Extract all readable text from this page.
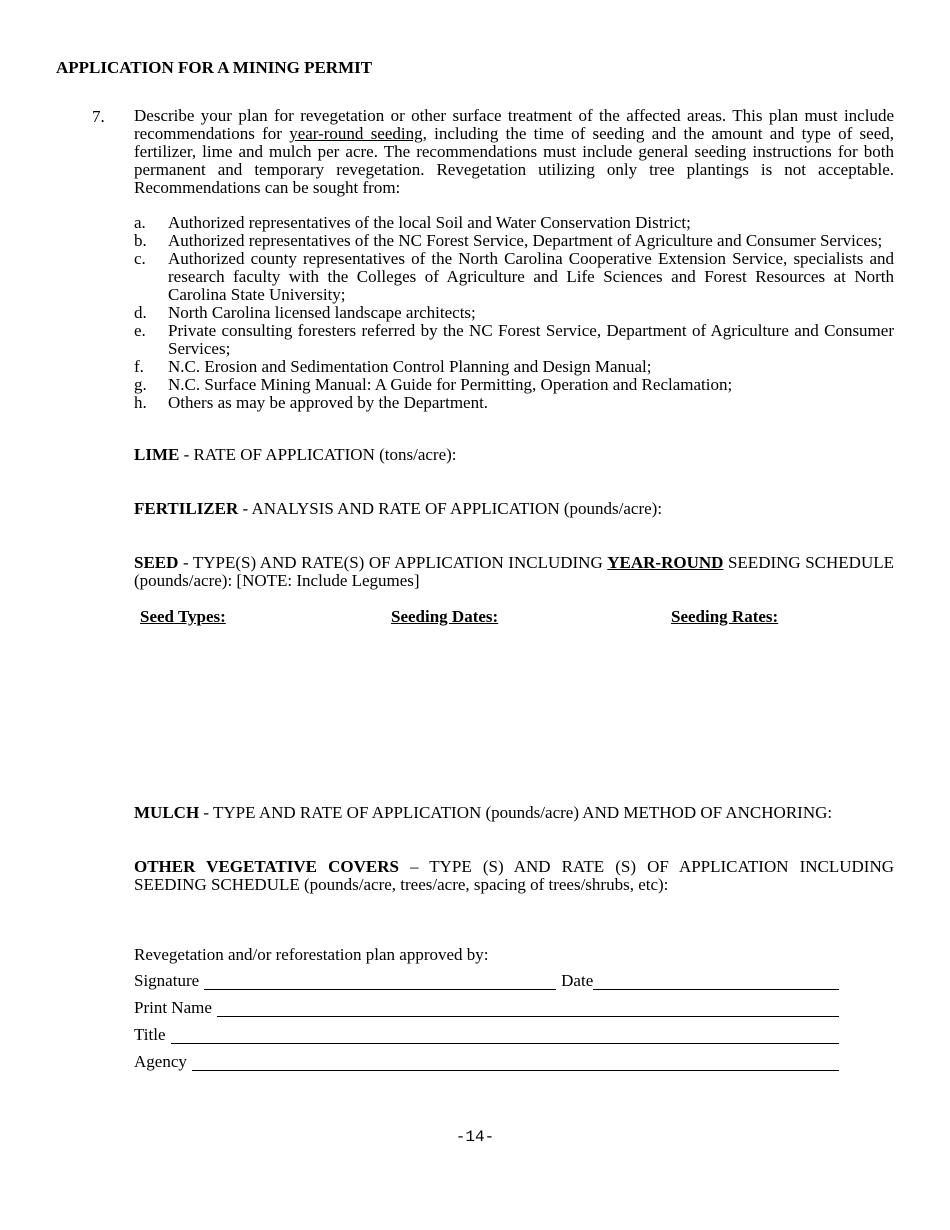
APPLICATION FOR A MINING PERMIT
7. Describe your plan for revegetation or other surface treatment of the affected areas. This plan must include recommendations for year-round seeding, including the time of seeding and the amount and type of seed, fertilizer, lime and mulch per acre. The recommendations must include general seeding instructions for both permanent and temporary revegetation. Revegetation utilizing only tree plantings is not acceptable. Recommendations can be sought from:
a. Authorized representatives of the local Soil and Water Conservation District;
b. Authorized representatives of the NC Forest Service, Department of Agriculture and Consumer Services;
c. Authorized county representatives of the North Carolina Cooperative Extension Service, specialists and research faculty with the Colleges of Agriculture and Life Sciences and Forest Resources at North Carolina State University;
d. North Carolina licensed landscape architects;
e. Private consulting foresters referred by the NC Forest Service, Department of Agriculture and Consumer Services;
f. N.C. Erosion and Sedimentation Control Planning and Design Manual;
g. N.C. Surface Mining Manual: A Guide for Permitting, Operation and Reclamation;
h. Others as may be approved by the Department.
LIME - RATE OF APPLICATION (tons/acre):
FERTILIZER - ANALYSIS AND RATE OF APPLICATION (pounds/acre):
SEED - TYPE(S) AND RATE(S) OF APPLICATION INCLUDING YEAR-ROUND SEEDING SCHEDULE (pounds/acre): [NOTE: Include Legumes]
Seed Types:	Seeding Dates:	Seeding Rates:
MULCH - TYPE AND RATE OF APPLICATION (pounds/acre) AND METHOD OF ANCHORING:
OTHER VEGETATIVE COVERS – TYPE (S) AND RATE (S) OF APPLICATION INCLUDING SEEDING SCHEDULE (pounds/acre, trees/acre, spacing of trees/shrubs, etc):
Revegetation and/or reforestation plan approved by:
Signature	Date
Print Name
Title
Agency
-14-
